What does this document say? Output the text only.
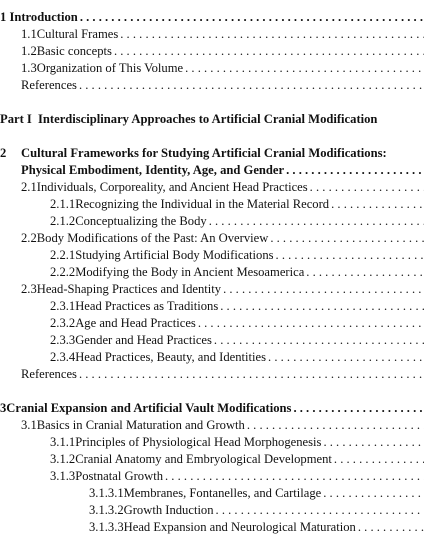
1 Introduction
. . .
1.1 Cultural Frames
. . .
1.2 Basic concepts
. . .
1.3 Organization of This Volume
. . .
References
. . .
Part I Interdisciplinary Approaches to Artificial Cranial Modification
2 Cultural Frameworks for Studying Artificial Cranial Modifications:
Physical Embodiment, Identity, Age, and Gender
. . .
2.1 Individuals, Corporeality, and Ancient Head Practices
. . .
2.1.1 Recognizing the Individual in the Material Record
. . .
2.1.2 Conceptualizing the Body
. . .
2.2 Body Modifications of the Past: An Overview
. . .
2.2.1 Studying Artificial Body Modifications
. . .
2.2.2 Modifying the Body in Ancient Mesoamerica
. . .
2.3 Head-Shaping Practices and Identity
. . .
2.3.1 Head Practices as Traditions
. . .
2.3.2 Age and Head Practices
. . .
2.3.3 Gender and Head Practices
. . .
2.3.4 Head Practices, Beauty, and Identities
. . .
References
. . .
3 Cranial Expansion and Artificial Vault Modifications
. . .
3.1 Basics in Cranial Maturation and Growth
. . .
3.1.1 Principles of Physiological Head Morphogenesis
. . .
3.1.2 Cranial Anatomy and Embryological Development
. . .
3.1.3 Postnatal Growth
. . .
3.1.3.1 Membranes, Fontanelles, and Cartilage
. . .
3.1.3.2 Growth Induction
. . .
3.1.3.3 Head Expansion and Neurological Maturation
. . .
